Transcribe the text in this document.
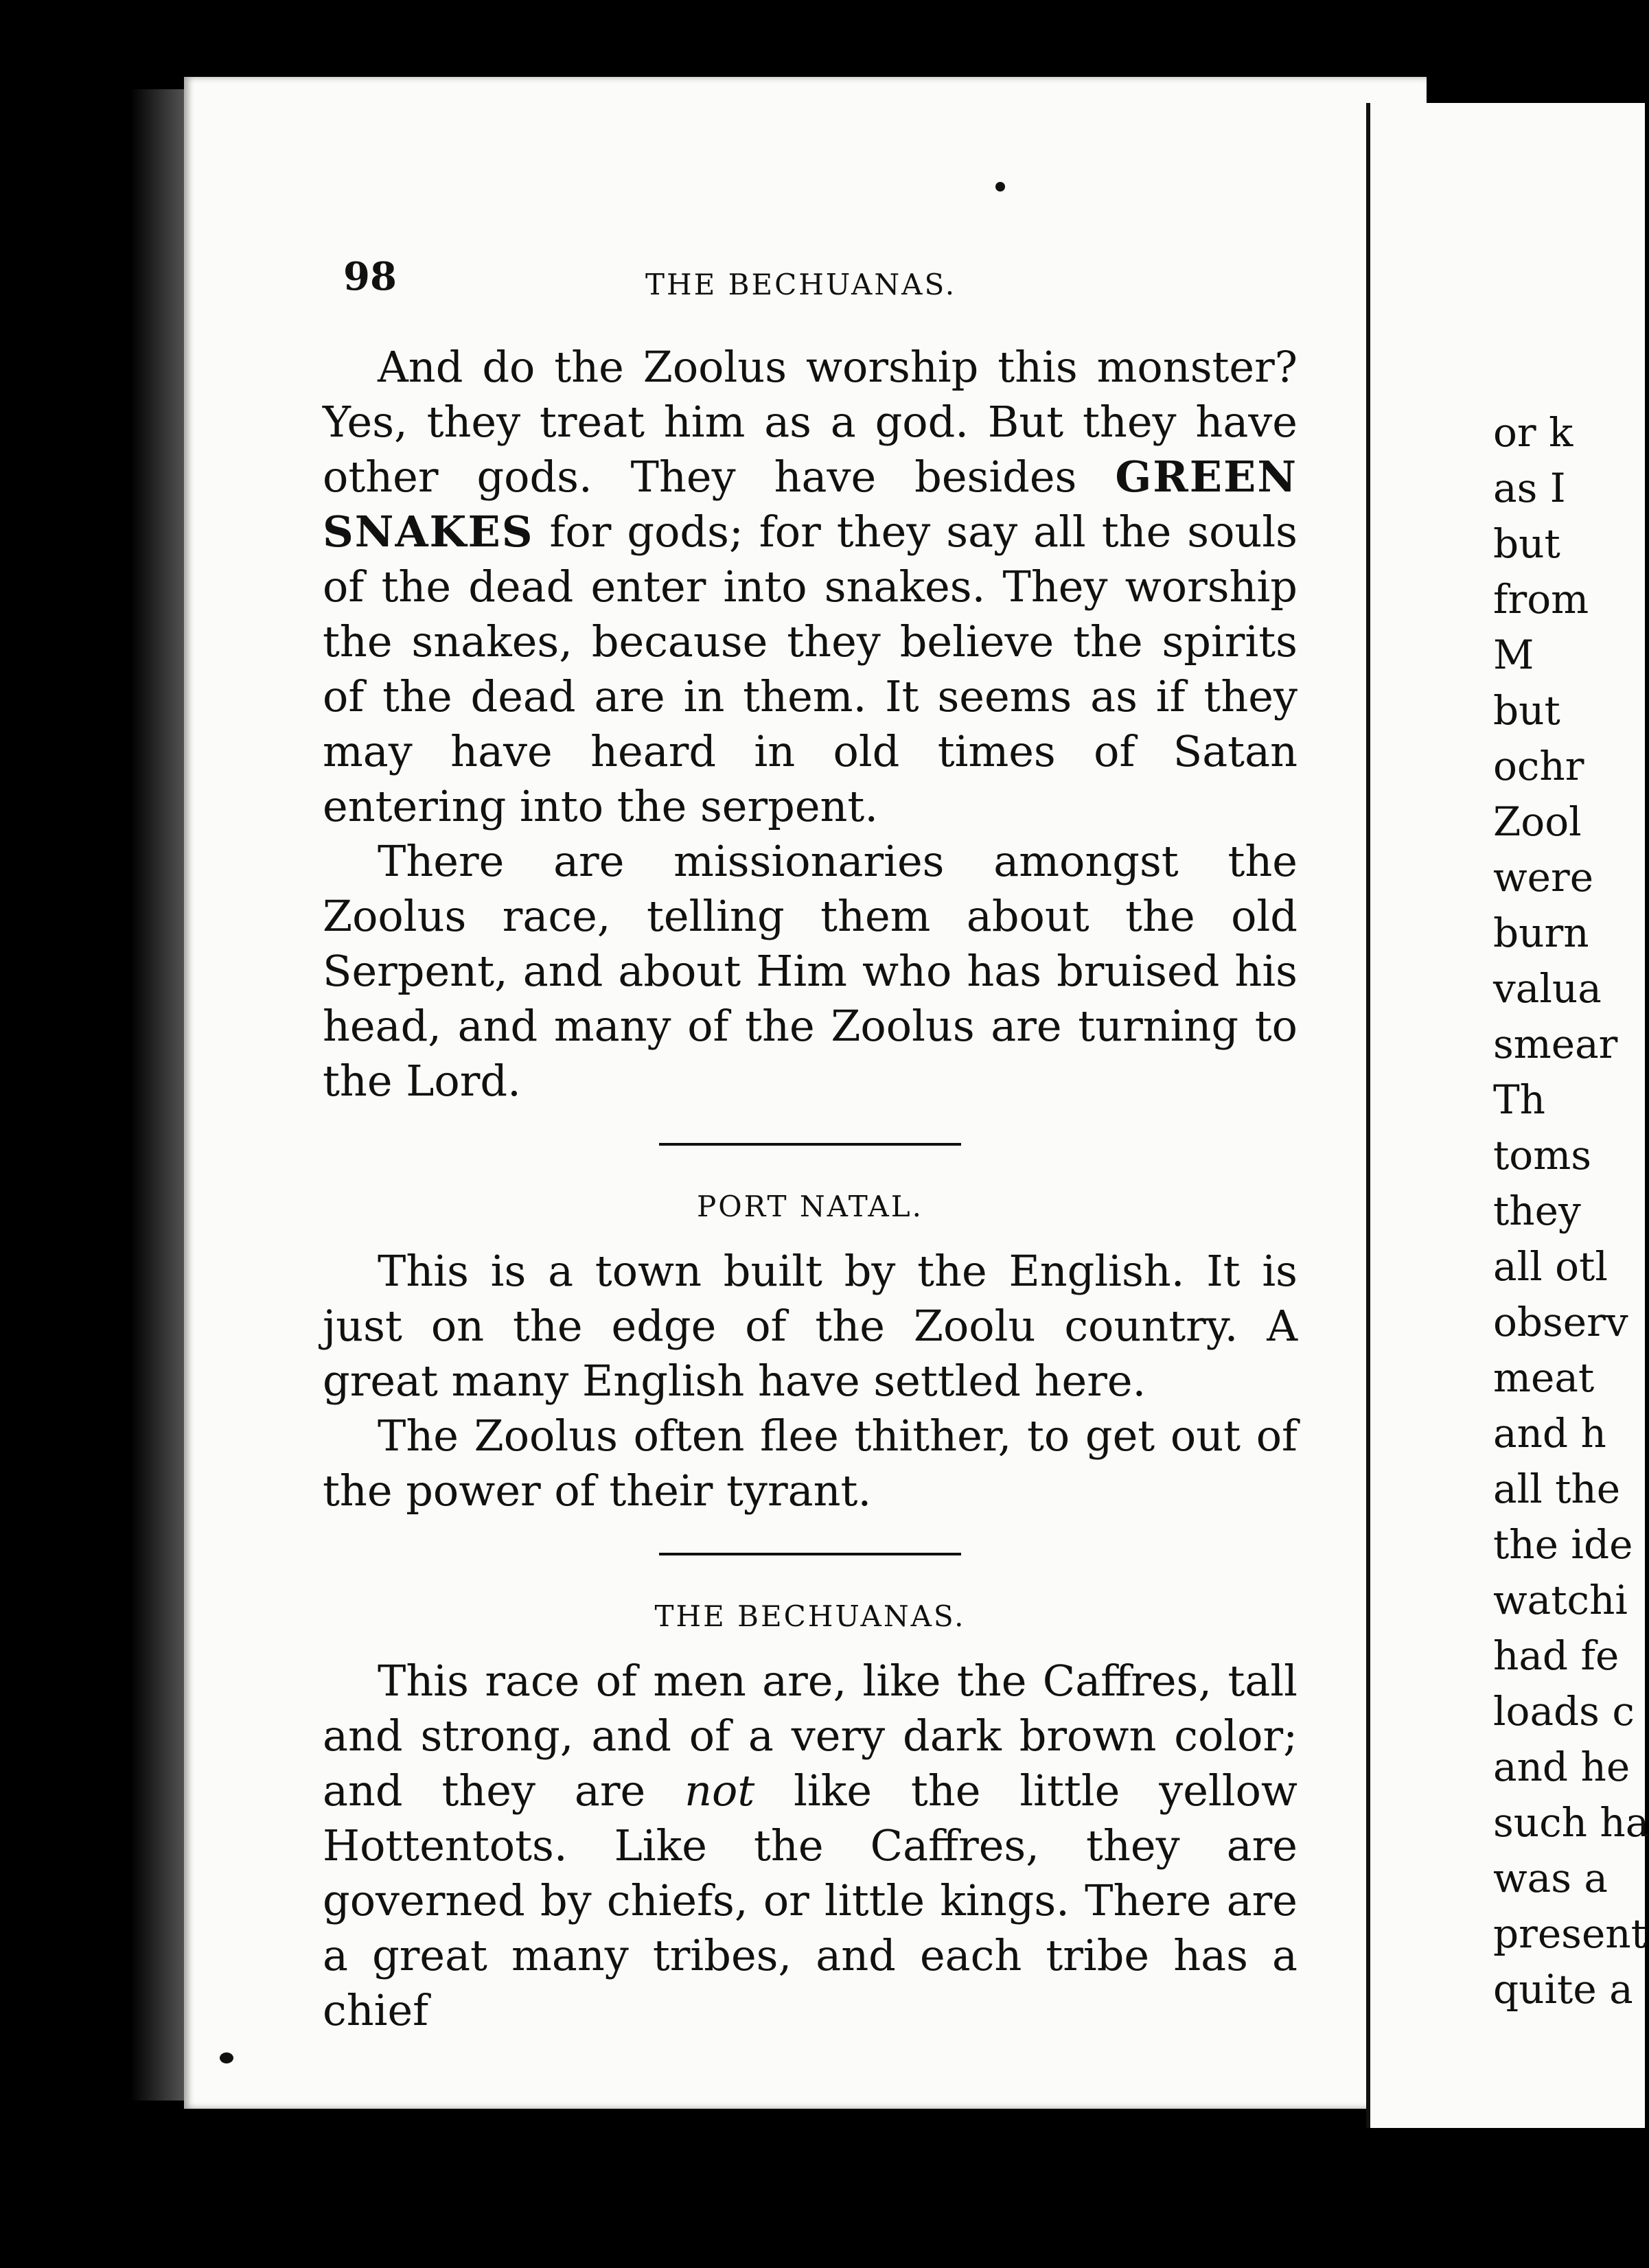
98	THE BECHUANAS.

And do the Zoolus worship this monster? Yes, they treat him as a god. But they have other gods. They have besides GREEN SNAKES for gods; for they say all the souls of the dead enter into snakes. They worship the snakes, because they believe the spirits of the dead are in them. It seems as if they may have heard in old times of Satan entering into the serpent.

There are missionaries amongst the Zoolus race, telling them about the old Serpent, and about Him who has bruised his head, and many of the Zoolus are turning to the Lord.

PORT NATAL.

This is a town built by the English. It is just on the edge of the Zoolu country. A great many English have settled here.

The Zoolus often flee thither, to get out of the power of their tyrant.

THE BECHUANAS.

This race of men are, like the Caffres, tall and strong, and of a very dark brown color; and they are not like the little yellow Hottentots. Like the Caffres, they are governed by chiefs, or little kings. There are a great many tribes, and each tribe has a chief

or k
as I
but
from
M
but
ochr
Zool
were
burn
valua
smear
Th
toms
they
all otl
observ
meat
and h
all the
the ide
watchi
had fe
loads c
and he
such ha
was a
present
quite a
